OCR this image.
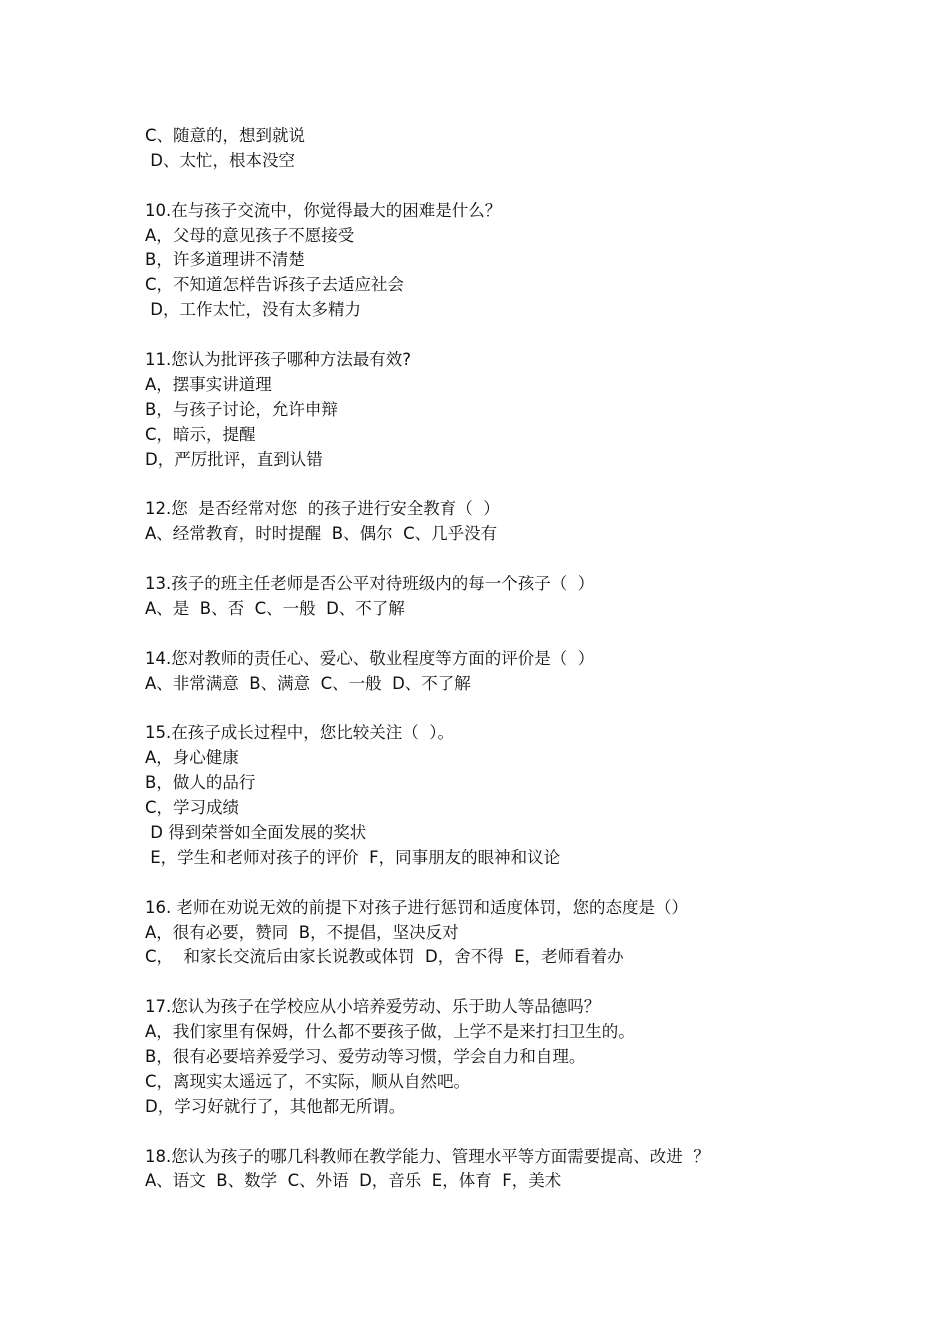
C、随意的，想到就说
D、太忙，根本没空
10.在与孩子交流中，你觉得最大的困难是什么？
A，父母的意见孩子不愿接受
B，许多道理讲不清楚
C，不知道怎样告诉孩子去适应社会
D，工作太忙，没有太多精力
11.您认为批评孩子哪种方法最有效?
A，摆事实讲道理
B，与孩子讨论，允许申辩
C，暗示，提醒
D，严厉批评，直到认错
12.您  是否经常对您  的孩子进行安全教育（  ）
A、经常教育，时时提醒  B、偶尔  C、几乎没有
13.孩子的班主任老师是否公平对待班级内的每一个孩子（  ）
A、是  B、否  C、一般  D、不了解
14.您对教师的责任心、爱心、敬业程度等方面的评价是（  ）
A、非常满意  B、满意  C、一般  D、不了解
15.在孩子成长过程中，您比较关注（  ）。
A，身心健康
B，做人的品行
C，学习成绩
D 得到荣誉如全面发展的奖状
E，学生和老师对孩子的评价  F，同事朋友的眼神和议论
16. 老师在劝说无效的前提下对孩子进行惩罚和适度体罚，您的态度是（）
A，很有必要，赞同  B，不提倡，坚决反对
C，  和家长交流后由家长说教或体罚  D，舍不得  E，老师看着办
17.您认为孩子在学校应从小培养爱劳动、乐于助人等品德吗？
A，我们家里有保姆，什么都不要孩子做，上学不是来打扫卫生的。
B，很有必要培养爱学习、爱劳动等习惯，学会自力和自理。
C，离现实太遥远了，不实际，顺从自然吧。
D，学习好就行了，其他都无所谓。
18.您认为孩子的哪几科教师在教学能力、管理水平等方面需要提高、改进  ？
A、语文  B、数学  C、外语  D，音乐  E，体育  F，美术
